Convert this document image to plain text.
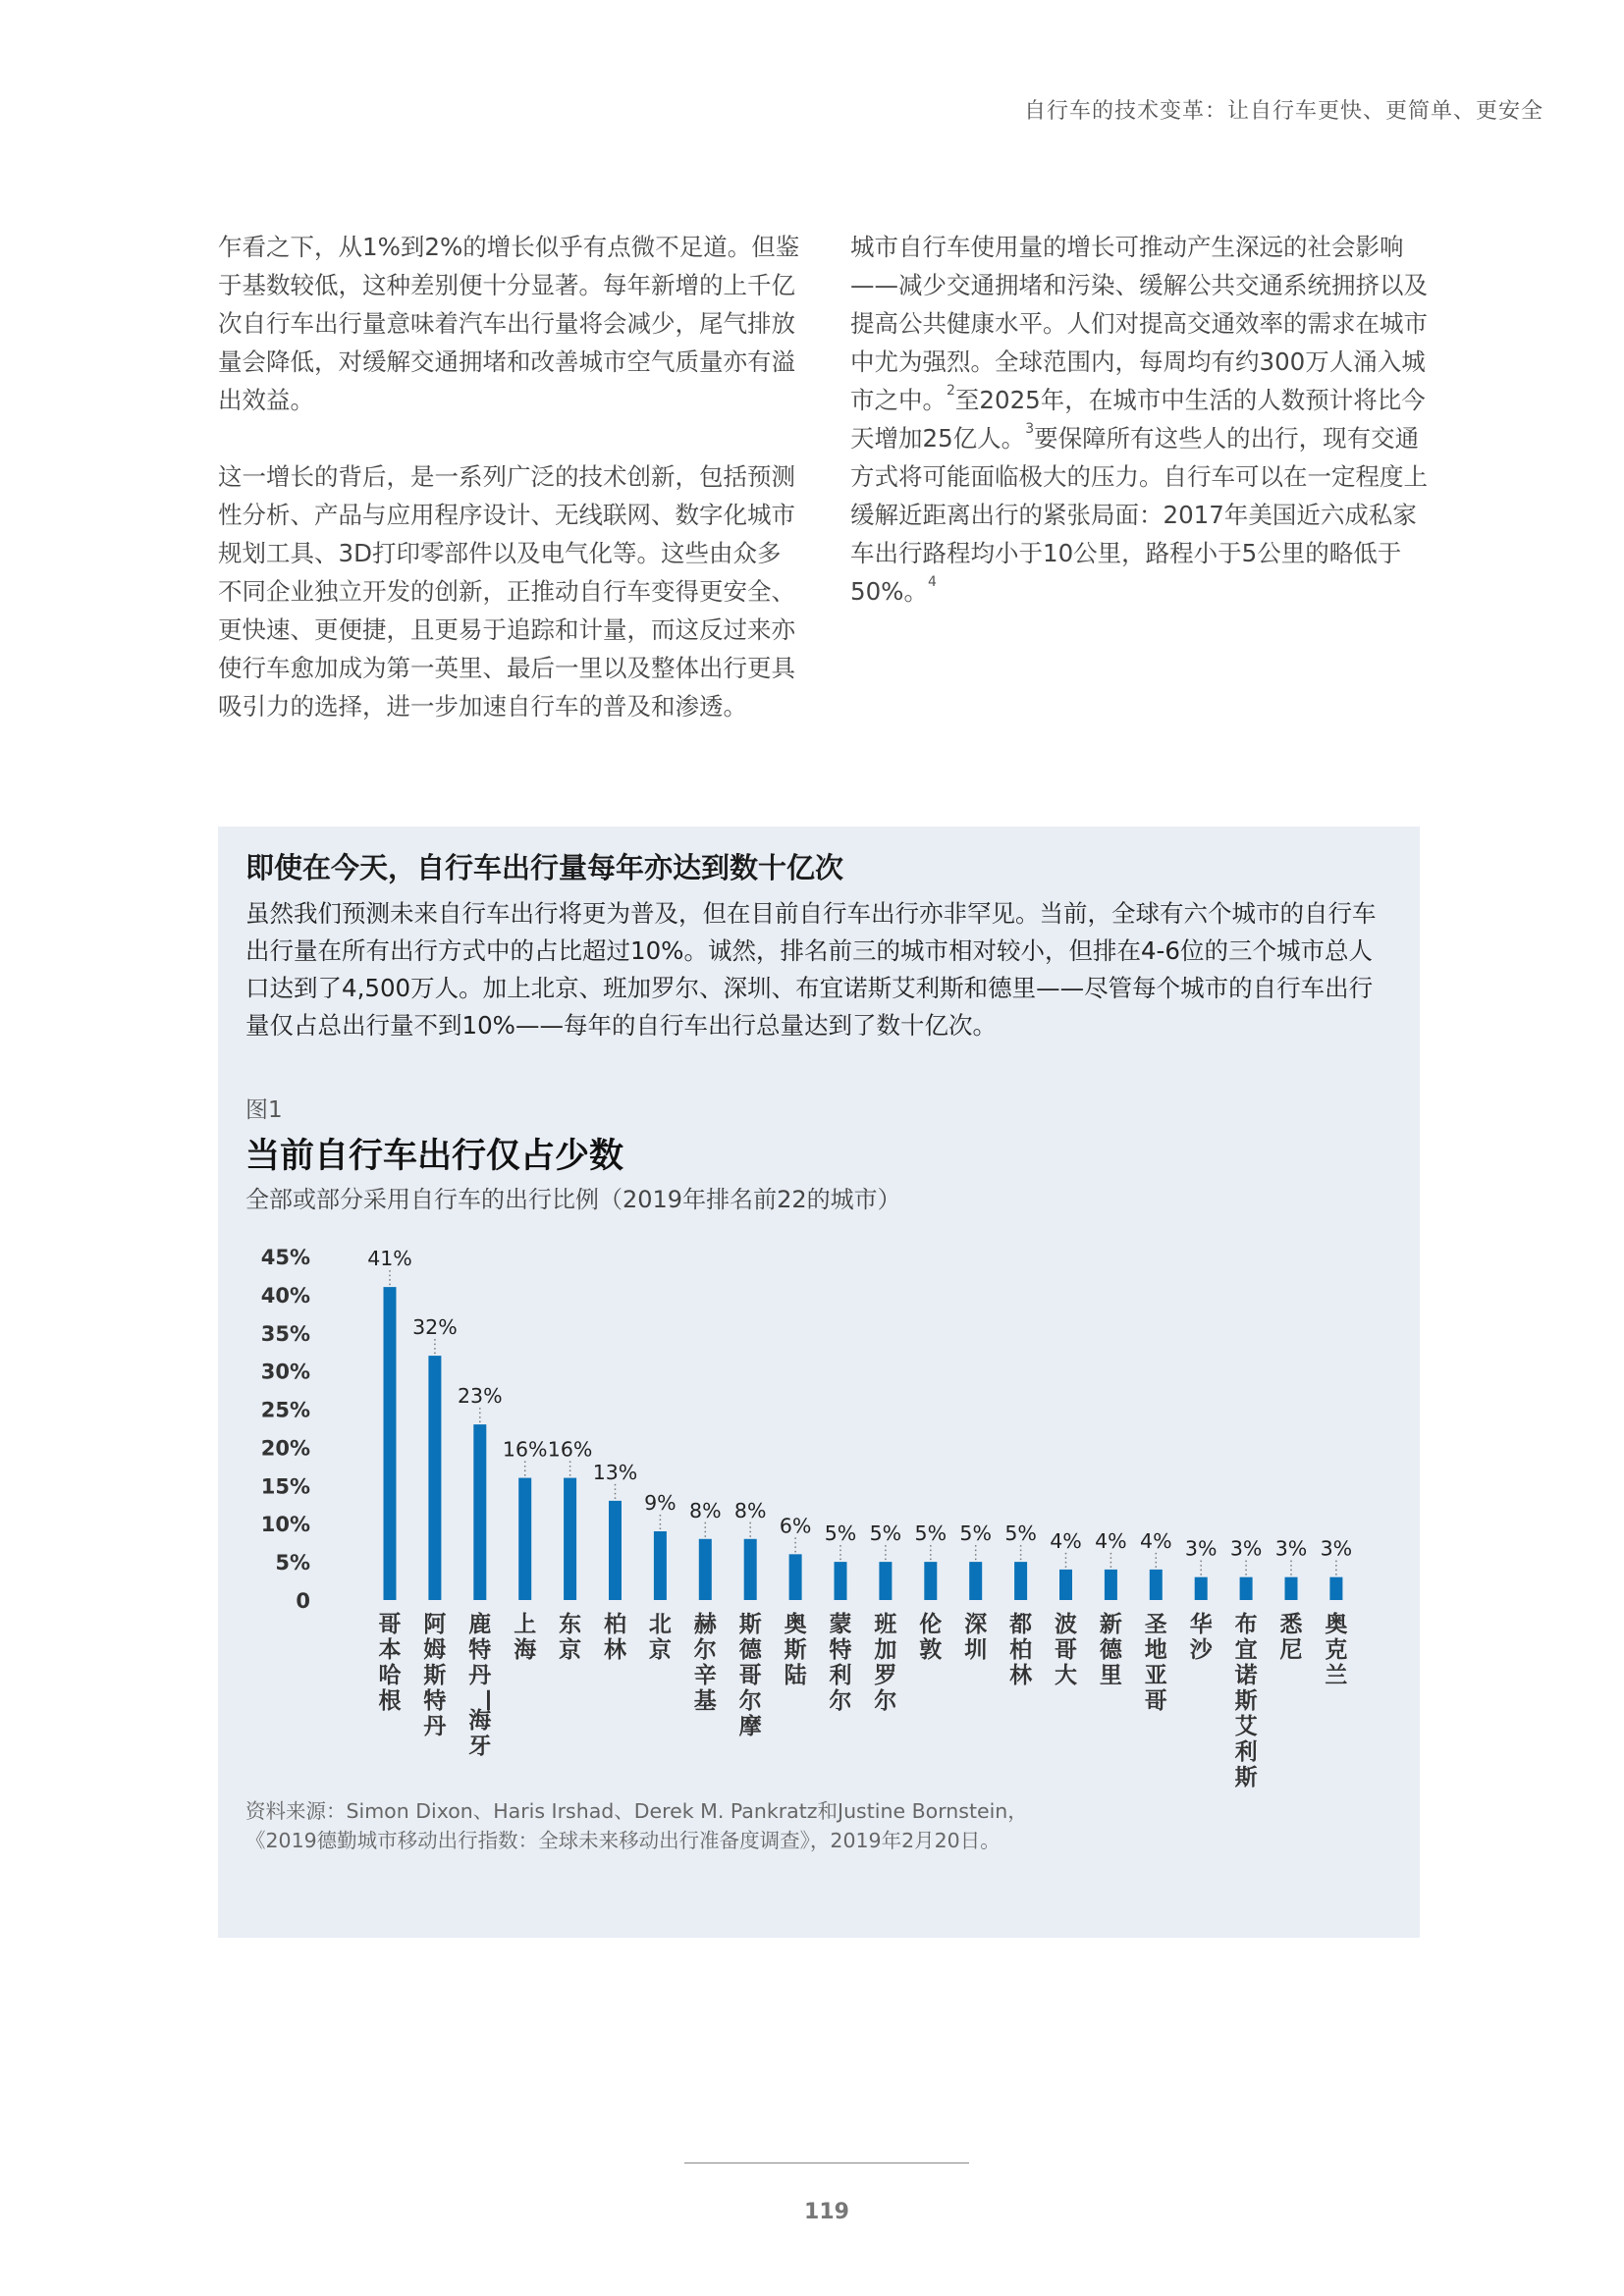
自行车的技术变革：让自行车更快、更简单、更安全

乍看之下，从1%到2%的增长似乎有点微不足道。但鉴于基数较低，这种差别便十分显著。每年新增的上千亿次自行车出行量意味着汽车出行量将会减少，尾气排放量会降低，对缓解交通拥堵和改善城市空气质量亦有溢出效益。

这一增长的背后，是一系列广泛的技术创新，包括预测性分析、产品与应用程序设计、无线联网、数字化城市规划工具、3D打印零部件以及电气化等。这些由众多不同企业独立开发的创新，正推动自行车变得更安全、更快速、更便捷，且更易于追踪和计量，而这反过来亦使行车愈加成为第一英里、最后一里以及整体出行更具吸引力的选择，进一步加速自行车的普及和渗透。

城市自行车使用量的增长可推动产生深远的社会影响——减少交通拥堵和污染、缓解公共交通系统拥挤以及提高公共健康水平。人们对提高交通效率的需求在城市中尤为强烈。全球范围内，每周均有约300万人涌入城市之中。$^2$至2025年，在城市中生活的人数预计将比今天增加25亿人。$^3$要保障所有这些人的出行，现有交通方式将可能面临极大的压力。自行车可以在一定程度上缓解近距离出行的紧张局面：2017年美国近六成私家车出行路程均小于10公里，路程小于5公里的略低于50%。$^4$

即使在今天，自行车出行量每年亦达到数十亿次
虽然我们预测未来自行车出行将更为普及，但在目前自行车出行亦非罕见。当前，全球有六个城市的自行车出行量在所有出行方式中的占比超过10%。诚然，排名前三的城市相对较小，但排在4-6位的三个城市总人口达到了4,500万人。加上北京、班加罗尔、深圳、布宜诺斯艾利斯和德里——尽管每个城市的自行车出行量仅占总出行量不到10%——每年的自行车出行总量达到了数十亿次。
图1
当前自行车出行仅占少数
全部或部分采用自行车的出行比例（2019年排名前22的城市）
0
5%
10%
15%
20%
25%
30%
35%
40%
45%	41%
哥
本
哈
根
32%
阿
姆
斯
特
丹
23%
鹿
特
丹
—
海
牙
16%
上
海
16%
东
京
13%
柏
林
9%
北
京
8%
赫
尔
辛
基
8%
斯
德
哥
尔
摩
6%
奥
斯
陆
5%
蒙
特
利
尔
5%
班
加
罗
尔
5%
伦
敦
5%
深
圳
5%
都
柏
林
4%
波
哥
大
4%
新
德
里
4%
圣
地
亚
哥
3%
华
沙
3%
布
宜
诺
斯
艾
利
斯
3%
悉
尼
3%
奥
克
兰
资料来源：Simon Dixon、Haris Irshad、Derek M. Pankratz和Justine Bornstein，
《2019德勤城市移动出行指数：全球未来移动出行准备度调查》，2019年2月20日。
119
